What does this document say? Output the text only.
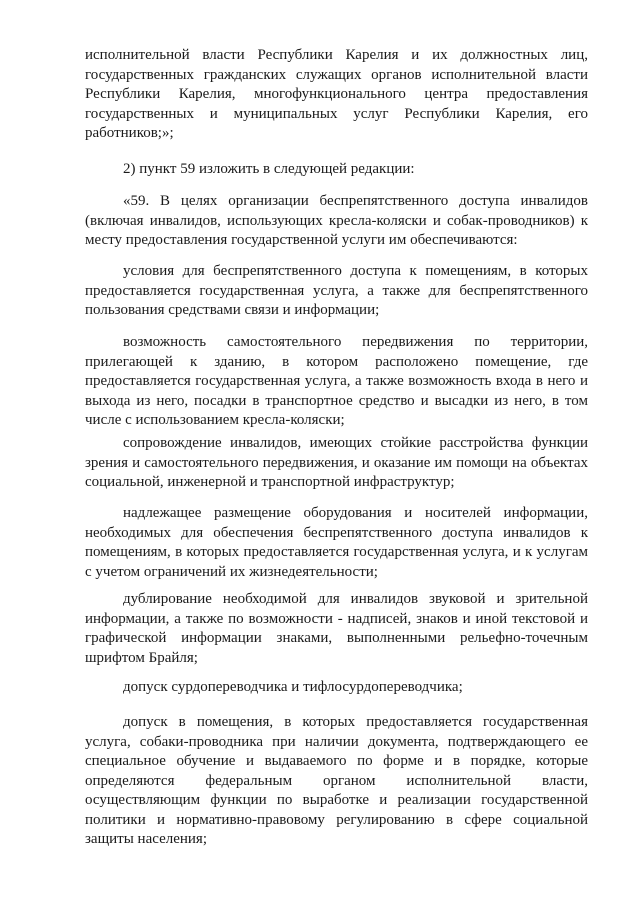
исполнительной власти Республики Карелия и их должностных лиц, государственных гражданских служащих органов исполнительной власти Республики Карелия, многофункционального центра предоставления государственных и муниципальных услуг Республики Карелия, его работников;»;

2) пункт 59 изложить в следующей редакции:

«59. В целях организации беспрепятственного доступа инвалидов (включая инвалидов, использующих кресла-коляски и собак-проводников) к месту предоставления государственной услуги им обеспечиваются:

условия для беспрепятственного доступа к помещениям, в которых предоставляется государственная услуга, а также для беспрепятственного пользования средствами связи и информации;

возможность самостоятельного передвижения по территории, прилегающей к зданию, в котором расположено помещение, где предоставляется государственная услуга, а также возможность входа в него и выхода из него, посадки в транспортное средство и высадки из него, в том числе с использованием кресла-коляски;

сопровождение инвалидов, имеющих стойкие расстройства функции зрения и самостоятельного передвижения, и оказание им помощи на объектах социальной, инженерной и транспортной инфраструктур;

надлежащее размещение оборудования и носителей информации, необходимых для обеспечения беспрепятственного доступа инвалидов к помещениям, в которых предоставляется государственная услуга, и к услугам с учетом ограничений их жизнедеятельности;

дублирование необходимой для инвалидов звуковой и зрительной информации, а также по возможности - надписей, знаков и иной текстовой и графической информации знаками, выполненными рельефно-точечным шрифтом Брайля;

допуск сурдопереводчика и тифлосурдопереводчика;

допуск в помещения, в которых предоставляется государственная услуга, собаки-проводника при наличии документа, подтверждающего ее специальное обучение и выдаваемого по форме и в порядке, которые определяются федеральным органом исполнительной власти, осуществляющим функции по выработке и реализации государственной политики и нормативно-правовому регулированию в сфере социальной защиты населения;
